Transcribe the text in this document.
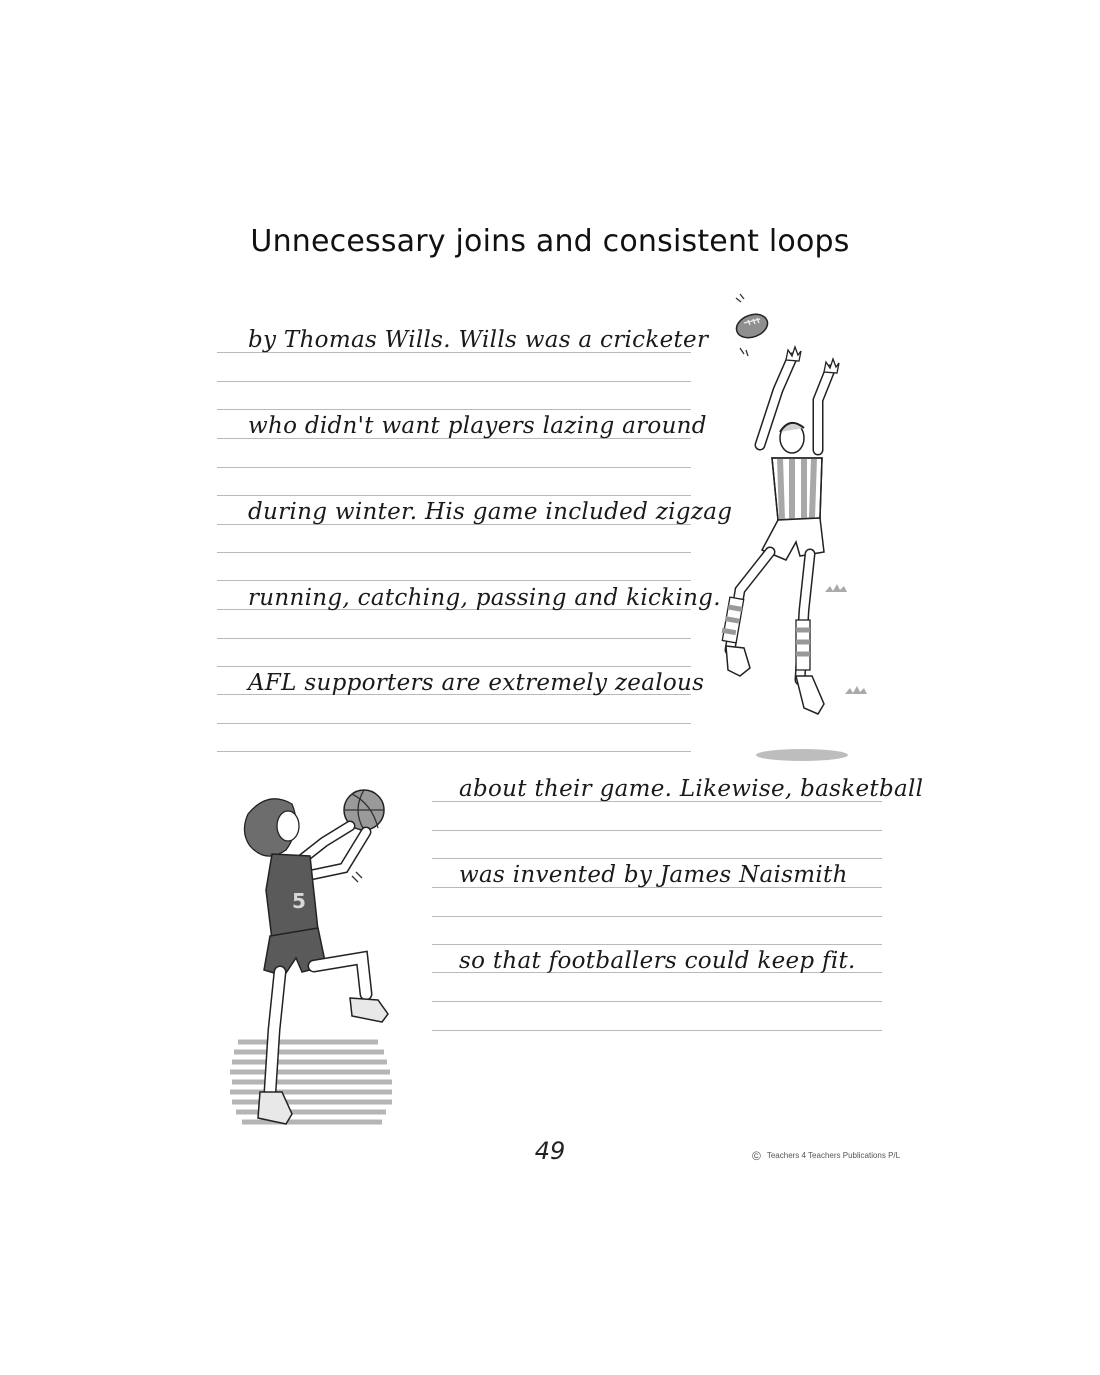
Unnecessary joins and consistent loops
by Thomas Wills. Wills was a cricketer
who didn't want players lazing around
during winter. His game included zigzag
running, catching, passing and kicking.
AFL supporters are extremely zealous
about their game. Likewise, basketball
was invented by James Naismith
so that footballers could keep fit.
5
49	© Teachers 4 Teachers Publications P/L
